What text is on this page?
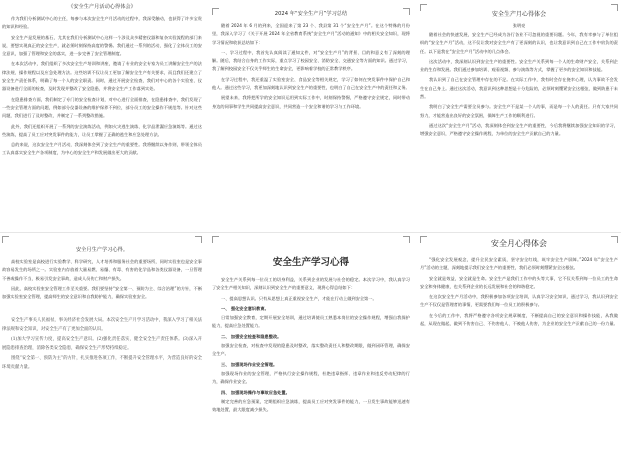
《安全生产月活动心得体会》

作为我们分析测试中心的主任，每参与本次安全生产月活动的过程中，我深受触动，也获得了许多宝贵的知识和经验。

安全生产是发展的基石，尤其在我们分析测试中心这样一个涉及众多精密仪器和复杂实验流程的部门来说，要想实现真正的安全生产，就必须时刻保持高度的警惕。我们通过一系列的活动，强化了全体员工的安全意识，加强了管理和安全的落实，进一步完善了安全管理制度。

在本次活动中，我们组织了多次安全生产培训和讲座，邀请了专业的安全专家为员工讲解安全生产的法律法规、操作规程以及应急处理方法。这些培训不仅让员工更加了解安全生产有关要求，而且我们还建立了安全生产责任体系，明确了每一个人的安全职责。同时，通过开展安全检查，我们对中心的各个实验室、仪器设备进行全面的检查，及时发现并整改了安全隐患，并将安全生产工作落到实处。

在隐患排查方面，我们制定了专门的安全检查计划，对中心进行全面排查，在隐患排查中，我们发现了一些安全管理方面的问题，例如部分仪器设备的维护保养不到位，部分员工的安全操作不规范等。针对这些问题，我们进行了及时整改，并制定了一系列整改措施。

此外，我们还组织开展了一系列的安全演练活动，例如火灾逃生演练、化学品泄漏应急演练等。通过这些演练，提高了员工应对突发事件的能力，让员工掌握了正确的逃生和应急处理方法。

总的来说，这次安全生产月活动，我深刻体会到了安全生产的重要性。我将继续以身作则，带领全体员工认真落实安全生产各项制度，为中心的安全生产和发展做出更大的贡献。

2024 年“安全生产月”学习总结

随着 2024 年 6 月的到来，全国迎来了第 23 个、我县第 31 个“安全生产月”。在这个特殊的月份里，我深入学习了《关于开展 2024 年全省教育系统“安全生产月”活动的通知》中的相关安全知识，现将学习情况和收获总结如下：

一、学习过程中，我首先认真阅读了通知文件，对“安全生产月”的背景、目的和意义有了深刻的理解。随后，我结合自身的工作实际，重点学习了校园安全、消防安全、交通安全等方面的知识。通过学习，我了解到校园安全不仅关乎师生的生命安全，更影响着学校的正常教学秩序。

在学习过程中，我还重温了实验室安全、食品安全等相关规定，学习了如何在突发事件中保护自己和他人。通过这些学习，我更加深刻地认识到安全生产的重要性，也明白了自己在安全生产中的责任和义务。

展望未来，我将把所学的安全知识运用到实际工作中，时刻保持警惕，严格遵守安全规定，同时带动身边的同事和学生共同提高安全意识，共同营造一个安全和谐的学习与工作环境。

安全生产月心得体会
张明亮

随着社会的快速发展，安全生产已经成为各行各业不可忽视的重要问题。今年，我有幸参与了单位组织的“安全生产月”活动，这不仅让我对安全生产有了更深刻的认识，也让我意识到自己在工作中肩负的责任。以下是我在“安全生产月”活动中的几点体会。

这次活动中，我深刻认识到安全生产的重要性。安全生产关系到每一个人的生命财产安全，关系到企业的生存和发展。我们通过参加培训、观看视频、参与演练等方式，掌握了更多的安全知识和技能。

我认识到了自己在安全管理中存在的不足。在实际工作中，我有时会存在侥幸心理，认为事故不会发生在自己身上。通过这次活动，我意识到这种思想是十分危险的，必须时刻绷紧安全这根弦，做到防患于未然。

我明白了安全生产需要全员参与。安全生产不是某一个人的事，而是每一个人的责任。只有大家共同努力，才能营造出良好的安全氛围，保障生产工作的顺利进行。

通过这次“安全生产月”活动，我深刻体会到安全生产的重要性，今后我将继续加强安全知识的学习，增强安全意识，严格遵守安全操作规程，为单位的安全生产贡献自己的力量。

安全月生产学习心得。

高校实验室是高校进行实验教学、科学研究，人才培养和服务社会的重要场所，同时实验室也是安全事故容易发生的场所之一。实验室内存放着大量易燃、易爆、有毒、有害的化学品和各类仪器设备，一旦管理不善或操作不当，极易引发安全事故，造成人员伤亡和财产损失。

因此，高校实验室安全管理工作至关重要。我们要坚持“安全第一、预防为主、综合治理”的方针，不断加强实验室安全管理，提高师生的安全意识和自我防护能力，确保实验室安全。

安全生产事关人民福祉，事关经济社会发展大局。本次安全生产月学习活动中，我深入学习了相关法律法规和安全知识，对安全生产有了更加全面的认识。

(1)加大学习宣传力度，提高安全生产意识。(2)强化责任落实，健全安全生产责任体系。(3)深入开展隐患排查治理，消除各类安全隐患，确保安全生产形势持续稳定。

围绕“安全第一、预防为主”的方针，扎实推进各项工作，不断提升安全管理水平，为营造良好的安全环境贡献力量。

安全生产学习心得

安全生产关系到每一位员工的切身利益，关系到企业的发展与社会的稳定。本次学习中，我认真学习了安全生产相关知识，深刻认识到安全生产的重要意义，现将心得总结如下：

一、提高思想认识。只有从思想上真正重视安全生产，才能在行动上做到安全第一。

一、 强化安全意识教育。

日常加强安全教育，定期开展安全培训，通过培训使员工熟悉本岗位的安全操作规程，增强自我保护能力，提高应急处置能力。

二、 加强安全检查和隐患整改。

加强安全检查，对检查中发现的隐患及时整改，落实整改责任人和整改期限，做到闭环管理，确保安全生产。

三、 加强现场作业安全管理。

加强现场作业的安全管理，严格执行安全操作规程，杜绝违章指挥、违章作业和违反劳动纪律的行为，确保作业安全。

四、 加强现场操作与事故应急处置。

制定完善的应急预案，定期组织应急演练，提高员工应对突发事件的能力，一旦发生事故能够迅速有效地处置，最大限度减少损失。

安全月心得体会

“强化安全发展观念，提升全民安全素质，坚守安全红线，筑牢安全生产屏障。”2024 年“安全生产月”活动的主题，深刻地提示我们安全生产的重要性，我们必须时刻绷紧安全这根弦。

安全就是效益，安全就是生命。安全生产是我们工作中的头等大事，它不仅关系到每一位员工的生命安全和身体健康，也关系到企业的长远发展和社会的和谐稳定。

在这次安全生产月活动中，我积极参加各项安全培训，认真学习安全知识，通过学习，我认识到安全生产不仅仅是管理者的事情，更需要我们每一位员工的积极参与。

在今后的工作中，我将严格遵守各项安全规章制度，不断提高自己的安全意识和操作技能，从我做起，从现在做起，做到不伤害自己、不伤害他人、不被他人伤害，为企业的安全生产贡献自己的一份力量。
